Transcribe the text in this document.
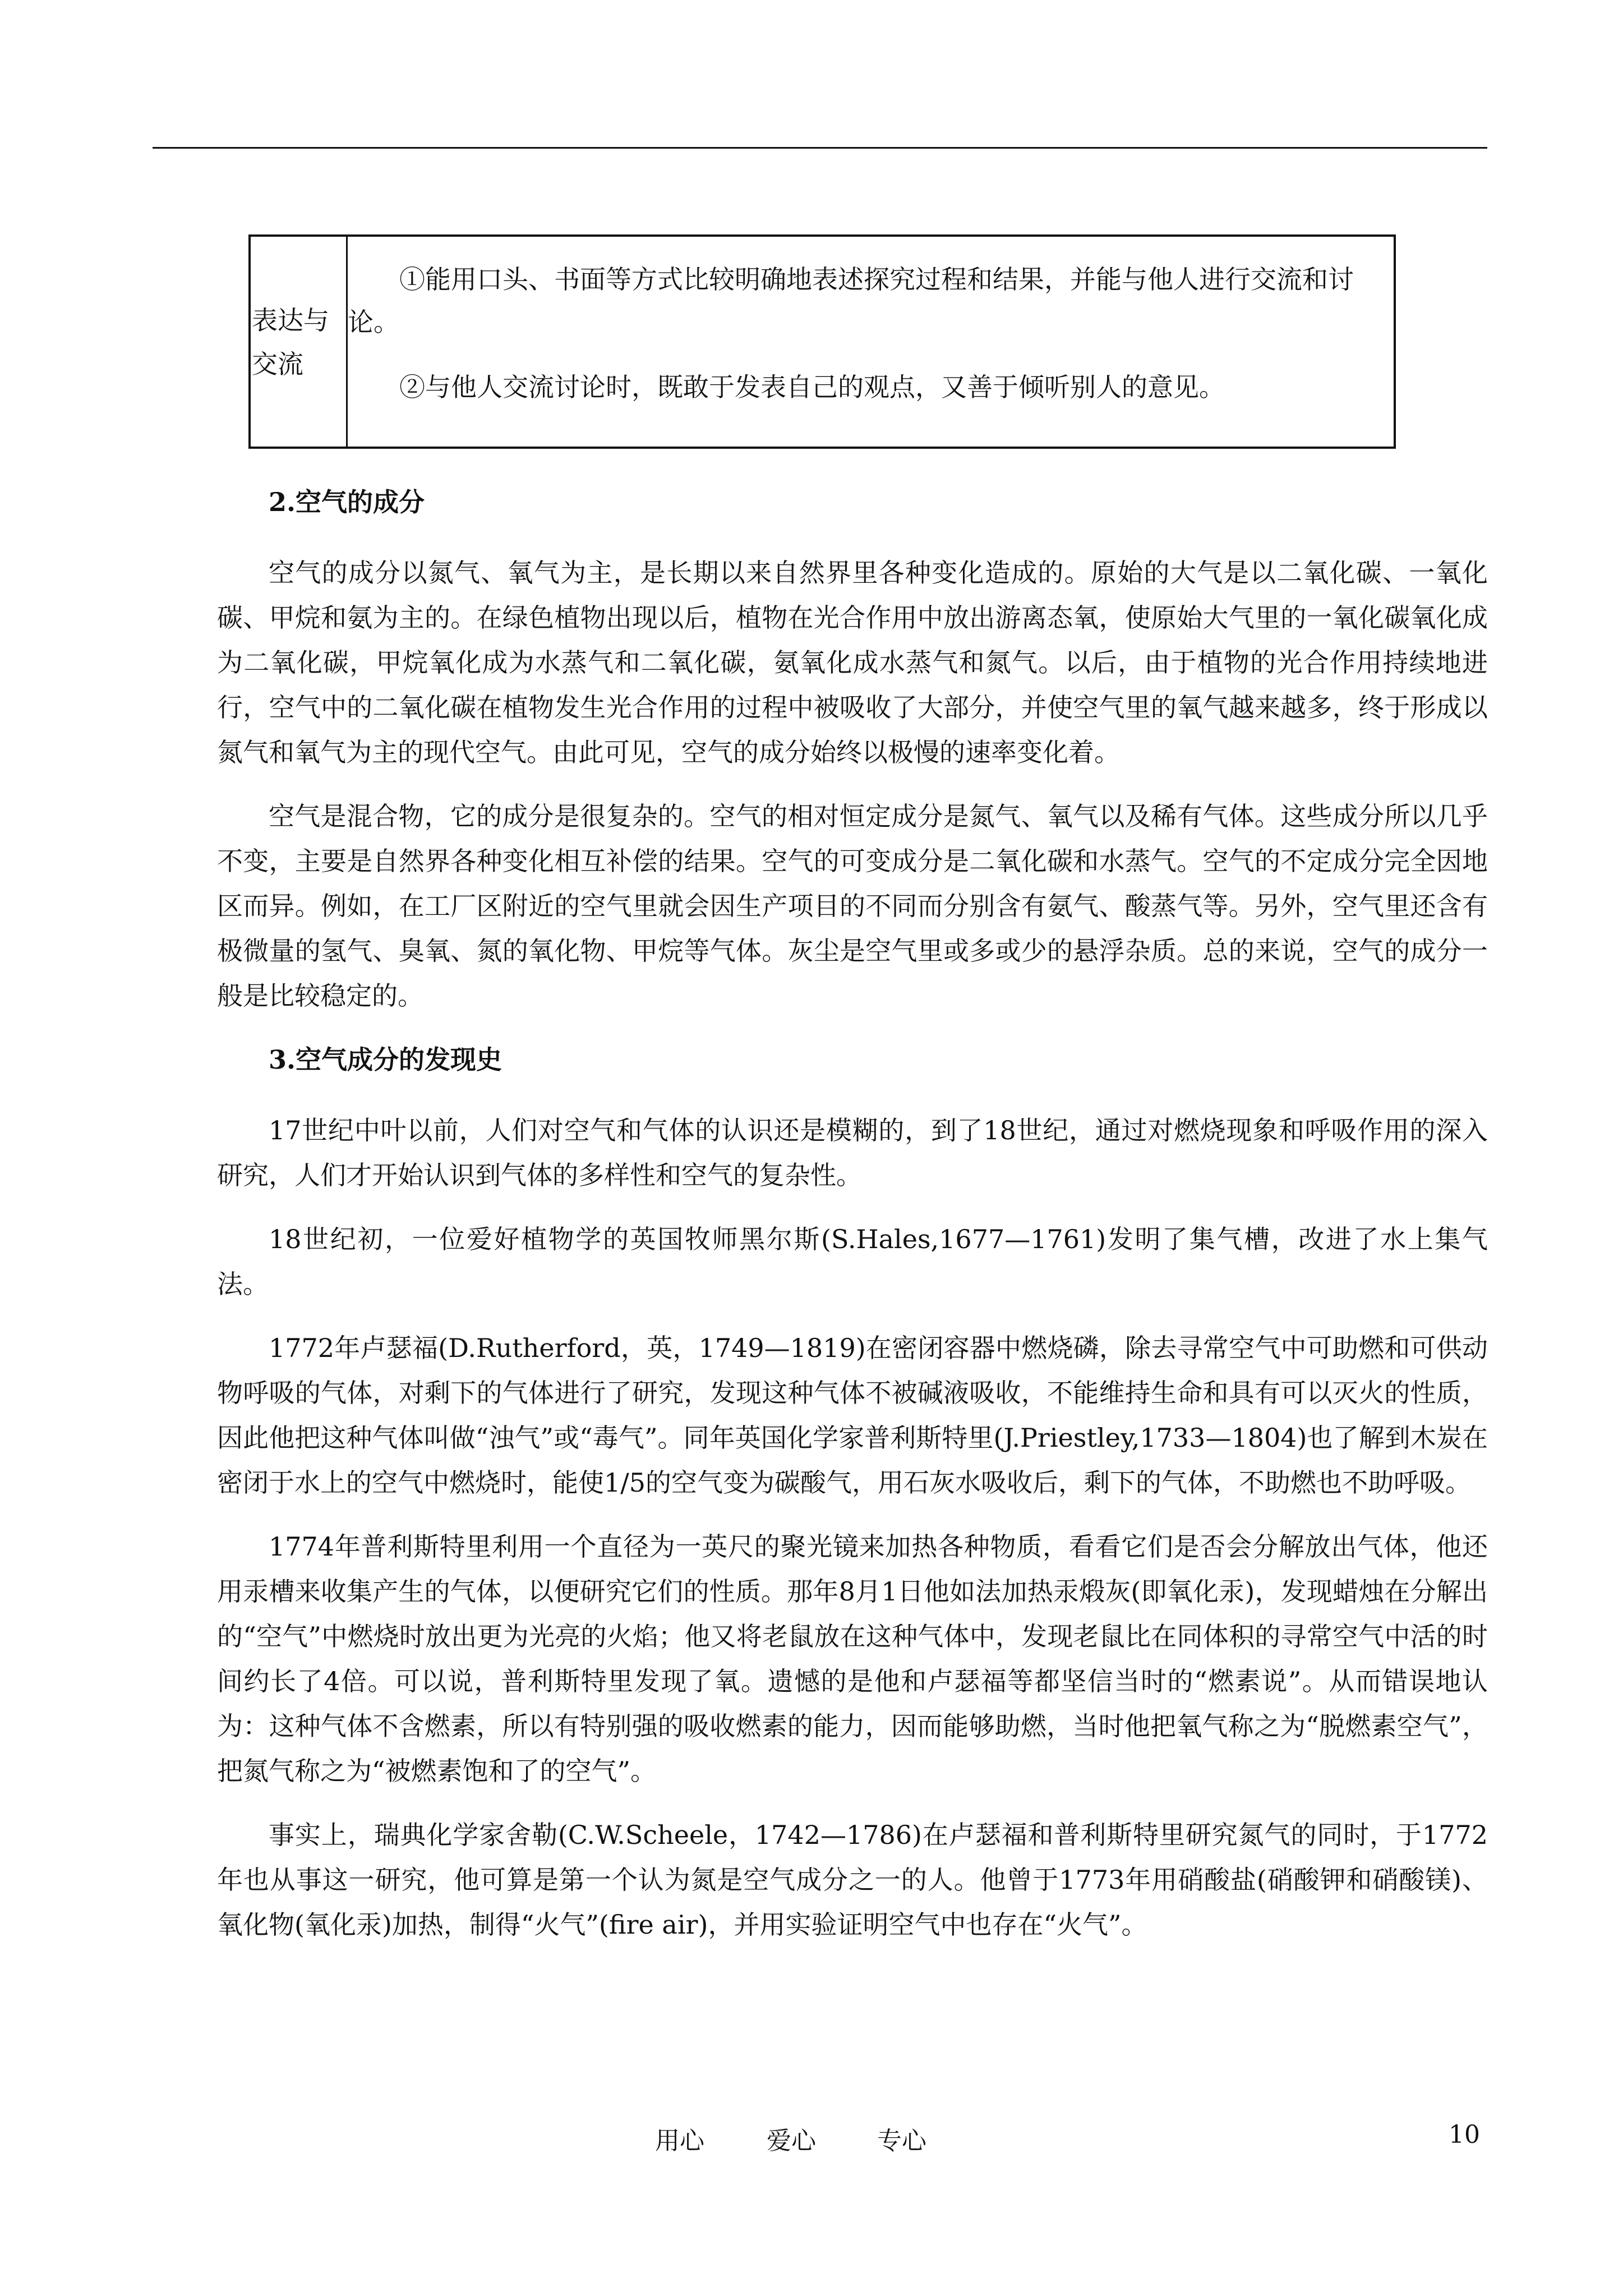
表达与交流

①能用口头、书面等方式比较明确地表述探究过程和结果，并能与他人进行交流和讨论。

②与他人交流讨论时，既敢于发表自己的观点，又善于倾听别人的意见。

2.空气的成分

空气的成分以氮气、氧气为主，是长期以来自然界里各种变化造成的。原始的大气是以二氧化碳、一氧化碳、甲烷和氨为主的。在绿色植物出现以后，植物在光合作用中放出游离态氧，使原始大气里的一氧化碳氧化成为二氧化碳，甲烷氧化成为水蒸气和二氧化碳，氨氧化成水蒸气和氮气。以后，由于植物的光合作用持续地进行，空气中的二氧化碳在植物发生光合作用的过程中被吸收了大部分，并使空气里的氧气越来越多，终于形成以氮气和氧气为主的现代空气。由此可见，空气的成分始终以极慢的速率变化着。

空气是混合物，它的成分是很复杂的。空气的相对恒定成分是氮气、氧气以及稀有气体。这些成分所以几乎不变，主要是自然界各种变化相互补偿的结果。空气的可变成分是二氧化碳和水蒸气。空气的不定成分完全因地区而异。例如，在工厂区附近的空气里就会因生产项目的不同而分别含有氨气、酸蒸气等。另外，空气里还含有极微量的氢气、臭氧、氮的氧化物、甲烷等气体。灰尘是空气里或多或少的悬浮杂质。总的来说，空气的成分一般是比较稳定的。

3.空气成分的发现史

17世纪中叶以前，人们对空气和气体的认识还是模糊的，到了18世纪，通过对燃烧现象和呼吸作用的深入研究，人们才开始认识到气体的多样性和空气的复杂性。

18世纪初，一位爱好植物学的英国牧师黑尔斯(S.Hales,1677—1761)发明了集气槽，改进了水上集气法。

1772年卢瑟福(D.Rutherford，英，1749—1819)在密闭容器中燃烧磷，除去寻常空气中可助燃和可供动物呼吸的气体，对剩下的气体进行了研究，发现这种气体不被碱液吸收，不能维持生命和具有可以灭火的性质，因此他把这种气体叫做“浊气”或“毒气”。同年英国化学家普利斯特里(J.Priestley,1733—1804)也了解到木炭在密闭于水上的空气中燃烧时，能使1/5的空气变为碳酸气，用石灰水吸收后，剩下的气体，不助燃也不助呼吸。

1774年普利斯特里利用一个直径为一英尺的聚光镜来加热各种物质，看看它们是否会分解放出气体，他还用汞槽来收集产生的气体，以便研究它们的性质。那年8月1日他如法加热汞煅灰(即氧化汞)，发现蜡烛在分解出的“空气”中燃烧时放出更为光亮的火焰；他又将老鼠放在这种气体中，发现老鼠比在同体积的寻常空气中活的时间约长了4倍。可以说，普利斯特里发现了氧。遗憾的是他和卢瑟福等都坚信当时的“燃素说”。从而错误地认为：这种气体不含燃素，所以有特别强的吸收燃素的能力，因而能够助燃，当时他把氧气称之为“脱燃素空气”，把氮气称之为“被燃素饱和了的空气”。

事实上，瑞典化学家舍勒(C.W.Scheele，1742—1786)在卢瑟福和普利斯特里研究氮气的同时，于1772年也从事这一研究，他可算是第一个认为氮是空气成分之一的人。他曾于1773年用硝酸盐(硝酸钾和硝酸镁)、氧化物(氧化汞)加热，制得“火气”(fire air)，并用实验证明空气中也存在“火气”。

用心	爱心 专心	10
